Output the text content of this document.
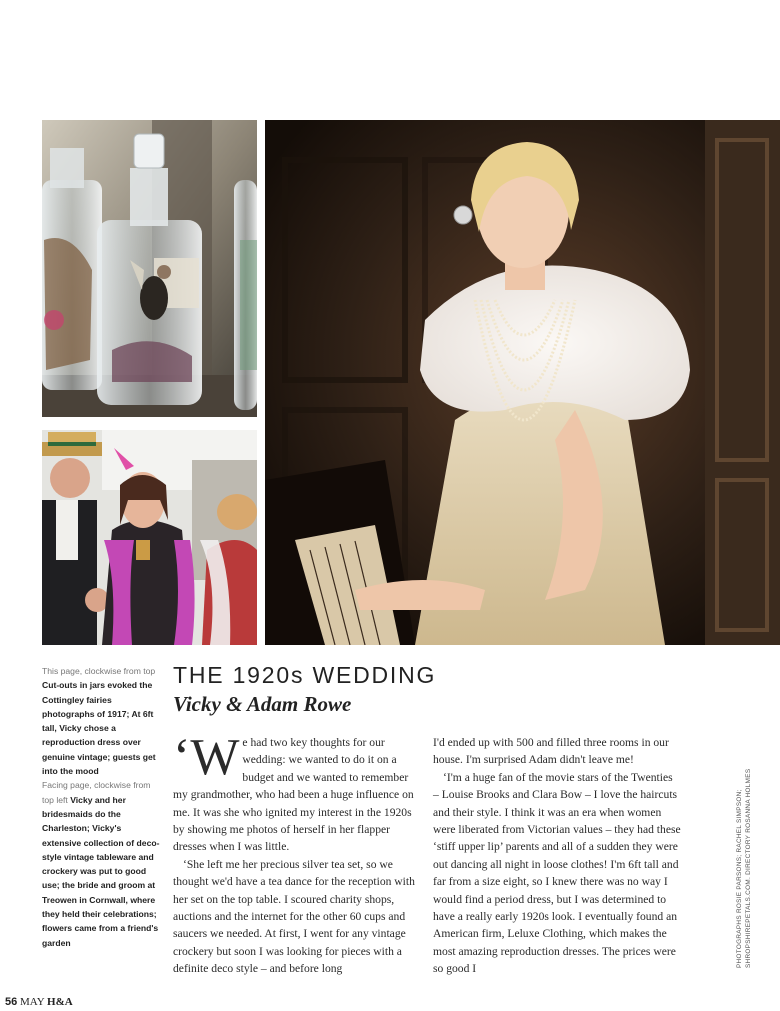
This page, clockwise from top Cut-outs in jars evoked the Cottingley fairies photographs of 1917; At 6ft tall, Vicky chose a reproduction dress over genuine vintage; guests get into the mood
Facing page, clockwise from top left Vicky and her bridesmaids do the Charleston; Vicky's extensive collection of deco-style vintage tableware and crockery was put to good use; the bride and groom at Treowen in Cornwall, where they held their celebrations; flowers came from a friend's garden
THE 1920s WEDDING
Vicky & Adam Rowe

‘We had two key thoughts for our wedding: we wanted to do it on a budget and we wanted to remember my grandmother, who had been a huge influence on me. It was she who ignited my interest in the 1920s by showing me photos of herself in her flapper dresses when I was little.

‘She left me her precious silver tea set, so we thought we'd have a tea dance for the reception with her set on the top table. I scoured charity shops, auctions and the internet for the other 60 cups and saucers we needed. At first, I went for any vintage crockery but soon I was looking for pieces with a definite deco style – and before long

I'd ended up with 500 and filled three rooms in our house. I'm surprised Adam didn't leave me!

‘I'm a huge fan of the movie stars of the Twenties – Louise Brooks and Clara Bow – I love the haircuts and their style. I think it was an era when women were liberated from Victorian values – they had these ‘stiff upper lip’ parents and all of a sudden they were out dancing all night in loose clothes! I'm 6ft tall and far from a size eight, so I knew there was no way I would find a period dress, but I was determined to have a really early 1920s look. I eventually found an American firm, Leluxe Clothing, which makes the most amazing reproduction dresses. The prices were so good I

PHOTOGRAPHS ROSIE PARSONS; RACHEL SIMPSON; SHROPSHIREPETALS.COM. DIRECTORY ROSANNA HOLMES
56 MAY H&A
